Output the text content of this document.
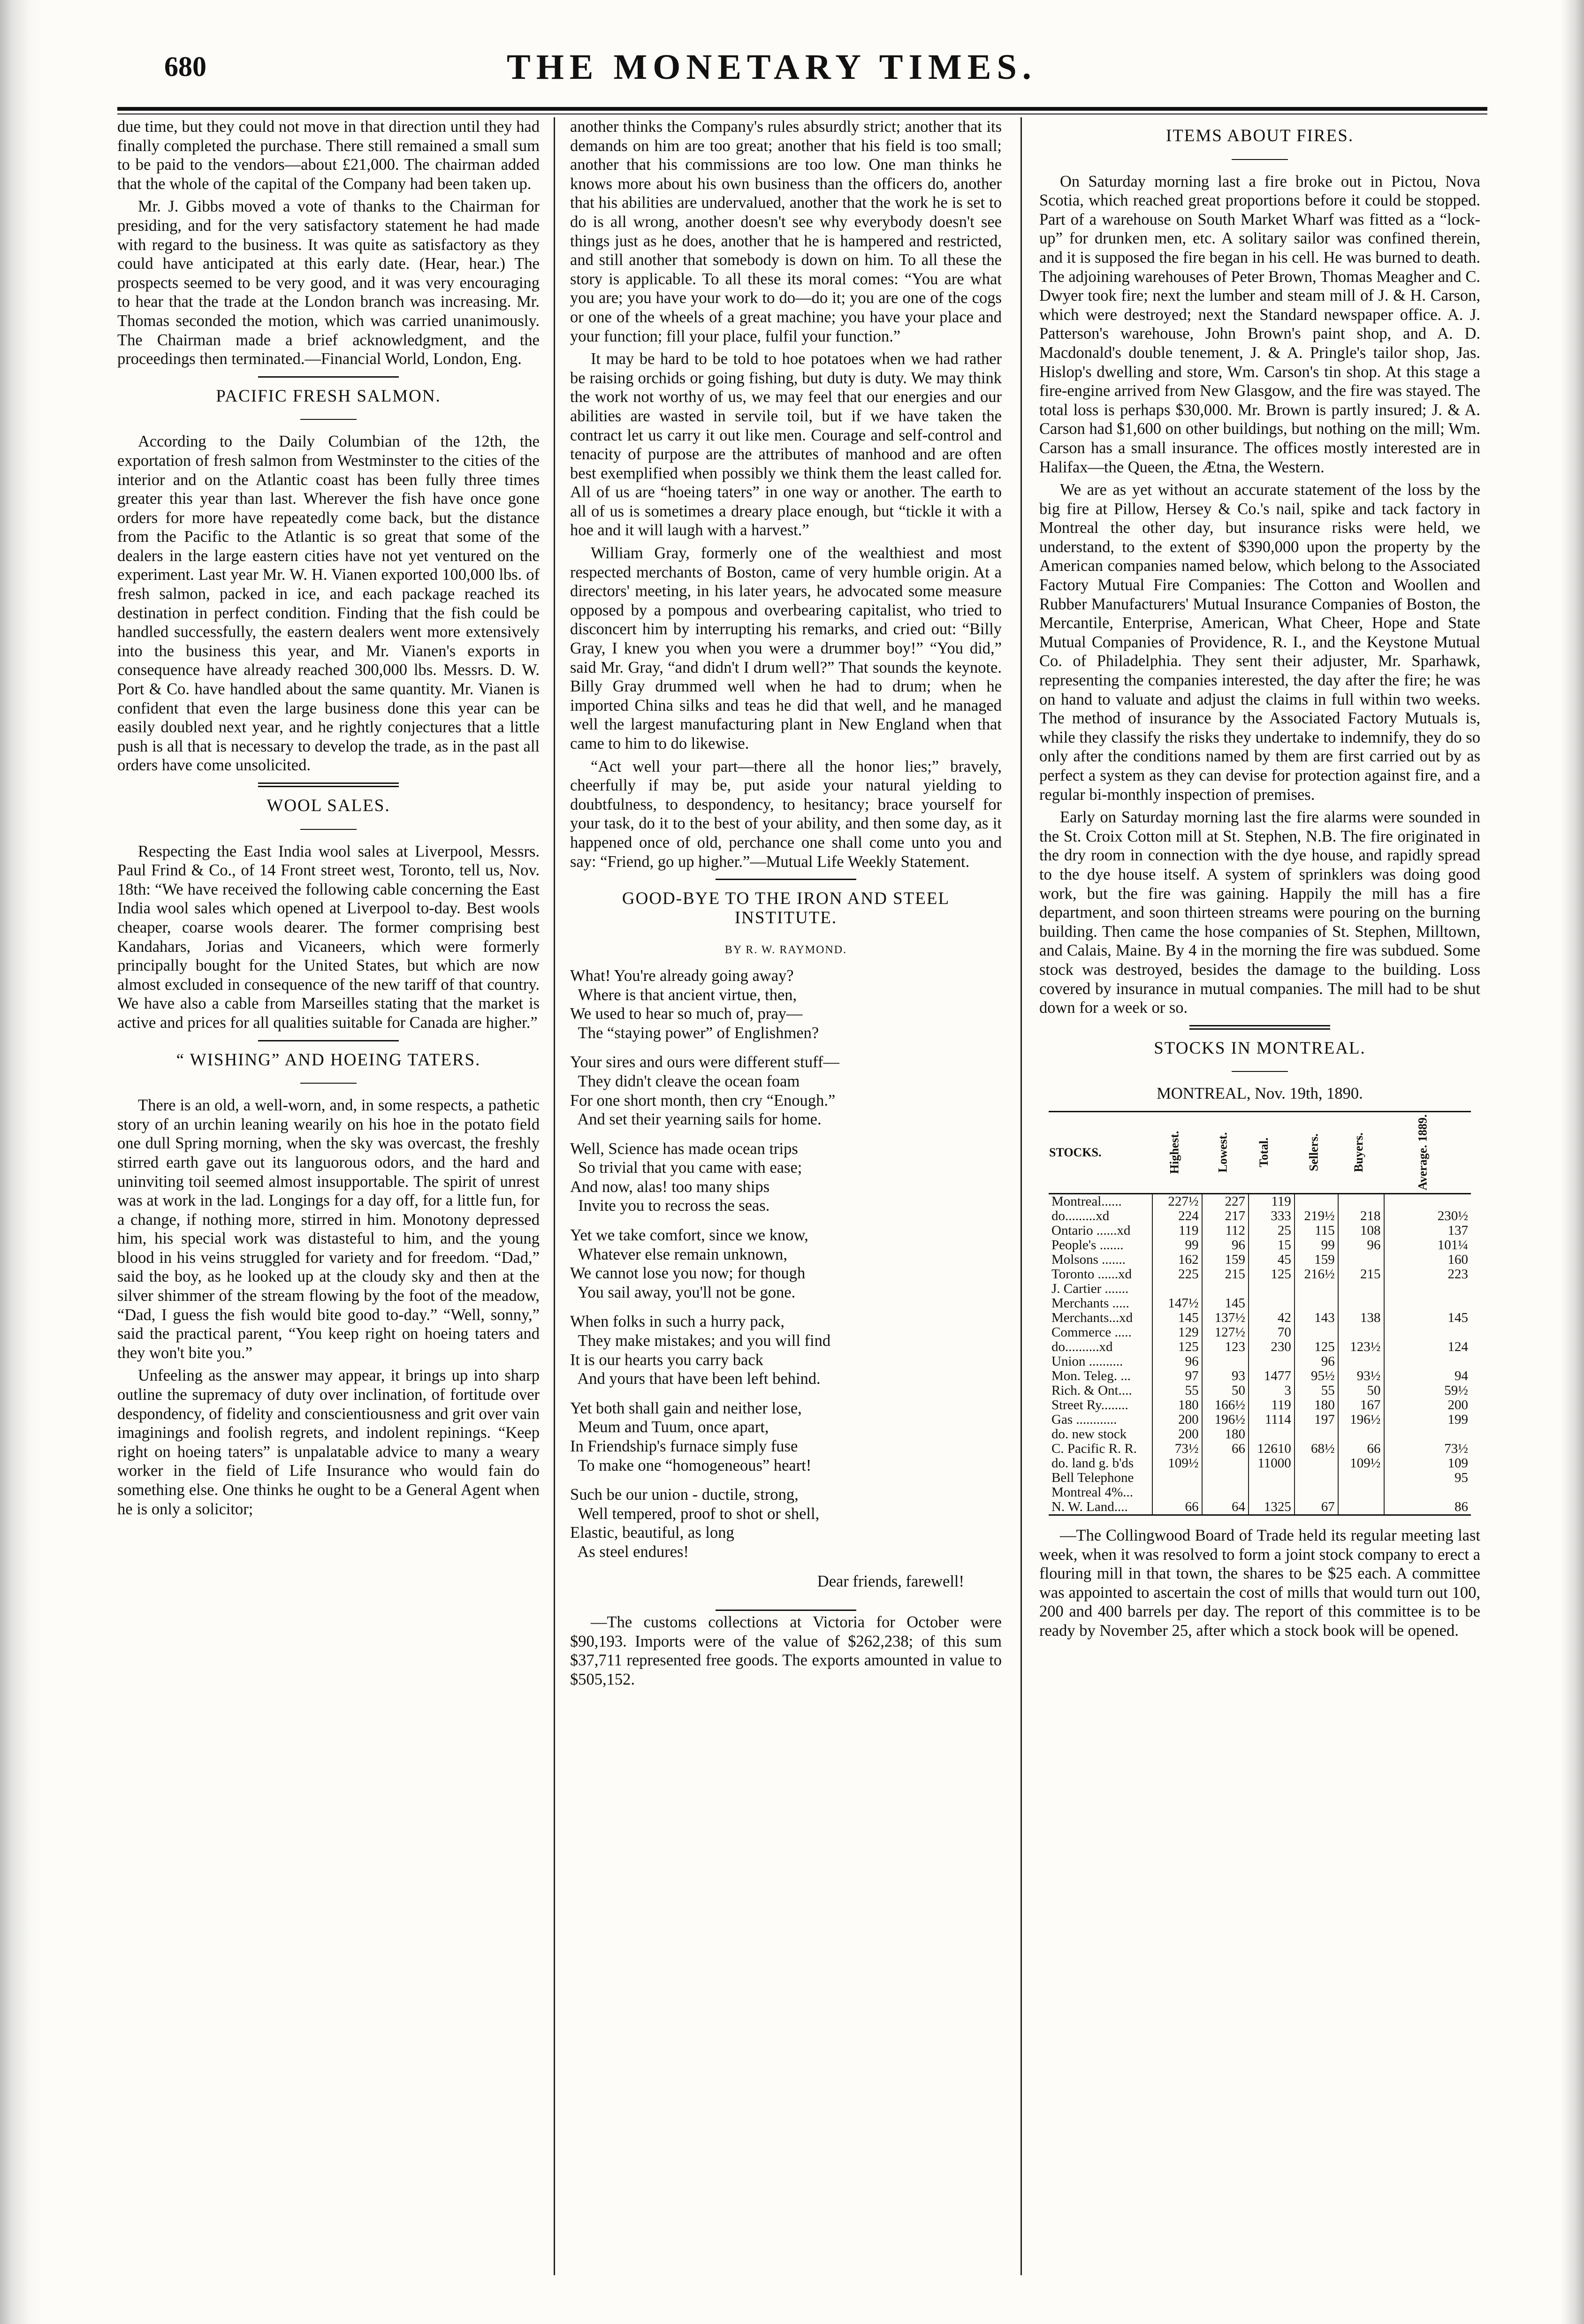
680	THE MONETARY TIMES.

due time, but they could not move in that direction until they had finally completed the purchase. There still remained a small sum to be paid to the vendors—about £21,000. The chairman added that the whole of the capital of the Company had been taken up.

Mr. J. Gibbs moved a vote of thanks to the Chairman for presiding, and for the very satisfactory statement he had made with regard to the business. It was quite as satisfactory as they could have anticipated at this early date. (Hear, hear.) The prospects seemed to be very good, and it was very encouraging to hear that the trade at the London branch was increasing. Mr. Thomas seconded the motion, which was carried unanimously. The Chairman made a brief acknowledgment, and the proceedings then terminated.—Financial World, London, Eng.

PACIFIC FRESH SALMON.

According to the Daily Columbian of the 12th, the exportation of fresh salmon from Westminster to the cities of the interior and on the Atlantic coast has been fully three times greater this year than last. Wherever the fish have once gone orders for more have repeatedly come back, but the distance from the Pacific to the Atlantic is so great that some of the dealers in the large eastern cities have not yet ventured on the experiment. Last year Mr. W. H. Vianen exported 100,000 lbs. of fresh salmon, packed in ice, and each package reached its destination in perfect condition. Finding that the fish could be handled successfully, the eastern dealers went more extensively into the business this year, and Mr. Vianen's exports in consequence have already reached 300,000 lbs. Messrs. D. W. Port & Co. have handled about the same quantity. Mr. Vianen is confident that even the large business done this year can be easily doubled next year, and he rightly conjectures that a little push is all that is necessary to develop the trade, as in the past all orders have come unsolicited.

WOOL SALES.

Respecting the East India wool sales at Liverpool, Messrs. Paul Frind & Co., of 14 Front street west, Toronto, tell us, Nov. 18th: “We have received the following cable concerning the East India wool sales which opened at Liverpool to-day. Best wools cheaper, coarse wools dearer. The former comprising best Kandahars, Jorias and Vicaneers, which were formerly principally bought for the United States, but which are now almost excluded in consequence of the new tariff of that country. We have also a cable from Marseilles stating that the market is active and prices for all qualities suitable for Canada are higher.”

“ WISHING” AND HOEING TATERS.

There is an old, a well-worn, and, in some respects, a pathetic story of an urchin leaning wearily on his hoe in the potato field one dull Spring morning, when the sky was overcast, the freshly stirred earth gave out its languorous odors, and the hard and uninviting toil seemed almost insupportable. The spirit of unrest was at work in the lad. Longings for a day off, for a little fun, for a change, if nothing more, stirred in him. Monotony depressed him, his special work was distasteful to him, and the young blood in his veins struggled for variety and for freedom. “Dad,” said the boy, as he looked up at the cloudy sky and then at the silver shimmer of the stream flowing by the foot of the meadow, “Dad, I guess the fish would bite good to-day.” “Well, sonny,” said the practical parent, “You keep right on hoeing taters and they won't bite you.”

Unfeeling as the answer may appear, it brings up into sharp outline the supremacy of duty over inclination, of fortitude over despondency, of fidelity and conscientiousness and grit over vain imaginings and foolish regrets, and indolent repinings. “Keep right on hoeing taters” is unpalatable advice to many a weary worker in the field of Life Insurance who would fain do something else. One thinks he ought to be a General Agent when he is only a solicitor;

another thinks the Company's rules absurdly strict; another that its demands on him are too great; another that his field is too small; another that his commissions are too low. One man thinks he knows more about his own business than the officers do, another that his abilities are undervalued, another that the work he is set to do is all wrong, another doesn't see why everybody doesn't see things just as he does, another that he is hampered and restricted, and still another that somebody is down on him. To all these the story is applicable. To all these its moral comes: “You are what you are; you have your work to do—do it; you are one of the cogs or one of the wheels of a great machine; you have your place and your function; fill your place, fulfil your function.”

It may be hard to be told to hoe potatoes when we had rather be raising orchids or going fishing, but duty is duty. We may think the work not worthy of us, we may feel that our energies and our abilities are wasted in servile toil, but if we have taken the contract let us carry it out like men. Courage and self-control and tenacity of purpose are the attributes of manhood and are often best exemplified when possibly we think them the least called for. All of us are “hoeing taters” in one way or another. The earth to all of us is sometimes a dreary place enough, but “tickle it with a hoe and it will laugh with a harvest.”

William Gray, formerly one of the wealthiest and most respected merchants of Boston, came of very humble origin. At a directors' meeting, in his later years, he advocated some measure opposed by a pompous and overbearing capitalist, who tried to disconcert him by interrupting his remarks, and cried out: “Billy Gray, I knew you when you were a drummer boy!” “You did,” said Mr. Gray, “and didn't I drum well?” That sounds the keynote. Billy Gray drummed well when he had to drum; when he imported China silks and teas he did that well, and he managed well the largest manufacturing plant in New England when that came to him to do likewise.

“Act well your part—there all the honor lies;” bravely, cheerfully if may be, put aside your natural yielding to doubtfulness, to despondency, to hesitancy; brace yourself for your task, do it to the best of your ability, and then some day, as it happened once of old, perchance one shall come unto you and say: “Friend, go up higher.”—Mutual Life Weekly Statement.

GOOD-BYE TO THE IRON AND STEEL INSTITUTE.
BY R. W. RAYMOND.
What! You're already going away?
Where is that ancient virtue, then,
We used to hear so much of, pray—
The “staying power” of Englishmen?
Your sires and ours were different stuff—
They didn't cleave the ocean foam
For one short month, then cry “Enough.”
And set their yearning sails for home.
Well, Science has made ocean trips
So trivial that you came with ease;
And now, alas! too many ships
Invite you to recross the seas.
Yet we take comfort, since we know,
Whatever else remain unknown,
We cannot lose you now; for though
You sail away, you'll not be gone.
When folks in such a hurry pack,
They make mistakes; and you will find
It is our hearts you carry back
And yours that have been left behind.
Yet both shall gain and neither lose,
Meum and Tuum, once apart,
In Friendship's furnace simply fuse
To make one “homogeneous” heart!
Such be our union - ductile, strong,
Well tempered, proof to shot or shell,
Elastic, beautiful, as long
As steel endures!
Dear friends, farewell!

—The customs collections at Victoria for October were $90,193. Imports were of the value of $262,238; of this sum $37,711 represented free goods. The exports amounted in value to $505,152.

ITEMS ABOUT FIRES.

On Saturday morning last a fire broke out in Pictou, Nova Scotia, which reached great proportions before it could be stopped. Part of a warehouse on South Market Wharf was fitted as a “lock-up” for drunken men, etc. A solitary sailor was confined therein, and it is supposed the fire began in his cell. He was burned to death. The adjoining warehouses of Peter Brown, Thomas Meagher and C. Dwyer took fire; next the lumber and steam mill of J. & H. Carson, which were destroyed; next the Standard newspaper office. A. J. Patterson's warehouse, John Brown's paint shop, and A. D. Macdonald's double tenement, J. & A. Pringle's tailor shop, Jas. Hislop's dwelling and store, Wm. Carson's tin shop. At this stage a fire-engine arrived from New Glasgow, and the fire was stayed. The total loss is perhaps $30,000. Mr. Brown is partly insured; J. & A. Carson had $1,600 on other buildings, but nothing on the mill; Wm. Carson has a small insurance. The offices mostly interested are in Halifax—the Queen, the Ætna, the Western.

We are as yet without an accurate statement of the loss by the big fire at Pillow, Hersey & Co.'s nail, spike and tack factory in Montreal the other day, but insurance risks were held, we understand, to the extent of $390,000 upon the property by the American companies named below, which belong to the Associated Factory Mutual Fire Companies: The Cotton and Woollen and Rubber Manufacturers' Mutual Insurance Companies of Boston, the Mercantile, Enterprise, American, What Cheer, Hope and State Mutual Companies of Providence, R. I., and the Keystone Mutual Co. of Philadelphia. They sent their adjuster, Mr. Sparhawk, representing the companies interested, the day after the fire; he was on hand to valuate and adjust the claims in full within two weeks. The method of insurance by the Associated Factory Mutuals is, while they classify the risks they undertake to indemnify, they do so only after the conditions named by them are first carried out by as perfect a system as they can devise for protection against fire, and a regular bi-monthly inspection of premises.

Early on Saturday morning last the fire alarms were sounded in the St. Croix Cotton mill at St. Stephen, N.B. The fire originated in the dry room in connection with the dye house, and rapidly spread to the dye house itself. A system of sprinklers was doing good work, but the fire was gaining. Happily the mill has a fire department, and soon thirteen streams were pouring on the burning building. Then came the hose companies of St. Stephen, Milltown, and Calais, Maine. By 4 in the morning the fire was subdued. Some stock was destroyed, besides the damage to the building. Loss covered by insurance in mutual companies. The mill had to be shut down for a week or so.

STOCKS IN MONTREAL.
MONTREAL, Nov. 19th, 1890.
STOCKS.	Highest.	Lowest.	Total.	Sellers.	Buyers.	Average. 1889.
Montreal......	227½	227	119			
do.........xd	224	217	333	219½	218	230½
Ontario ......xd	119	112	25	115	108	137
People's .......	99	96	15	99	96	101¼
Molsons .......	162	159	45	159		160
Toronto ......xd	225	215	125	216½	215	223
J. Cartier .......						
Merchants .....	147½	145				
Merchants...xd	145	137½	42	143	138	145
Commerce .....	129	127½	70			
do..........xd	125	123	230	125	123½	124
Union ..........	96			96		
Mon. Teleg. ...	97	93	1477	95½	93½	94
Rich. & Ont....	55	50	3	55	50	59½
Street Ry........	180	166½	119	180	167	200
Gas ............	200	196½	1114	197	196½	199
do. new stock	200	180				
C. Pacific R. R.	73½	66	12610	68½	66	73½
do. land g. b'ds	109½		11000		109½	109
Bell Telephone						95
Montreal 4%...						
N. W. Land....	66	64	1325	67		86

—The Collingwood Board of Trade held its regular meeting last week, when it was resolved to form a joint stock company to erect a flouring mill in that town, the shares to be $25 each. A committee was appointed to ascertain the cost of mills that would turn out 100, 200 and 400 barrels per day. The report of this committee is to be ready by November 25, after which a stock book will be opened.
